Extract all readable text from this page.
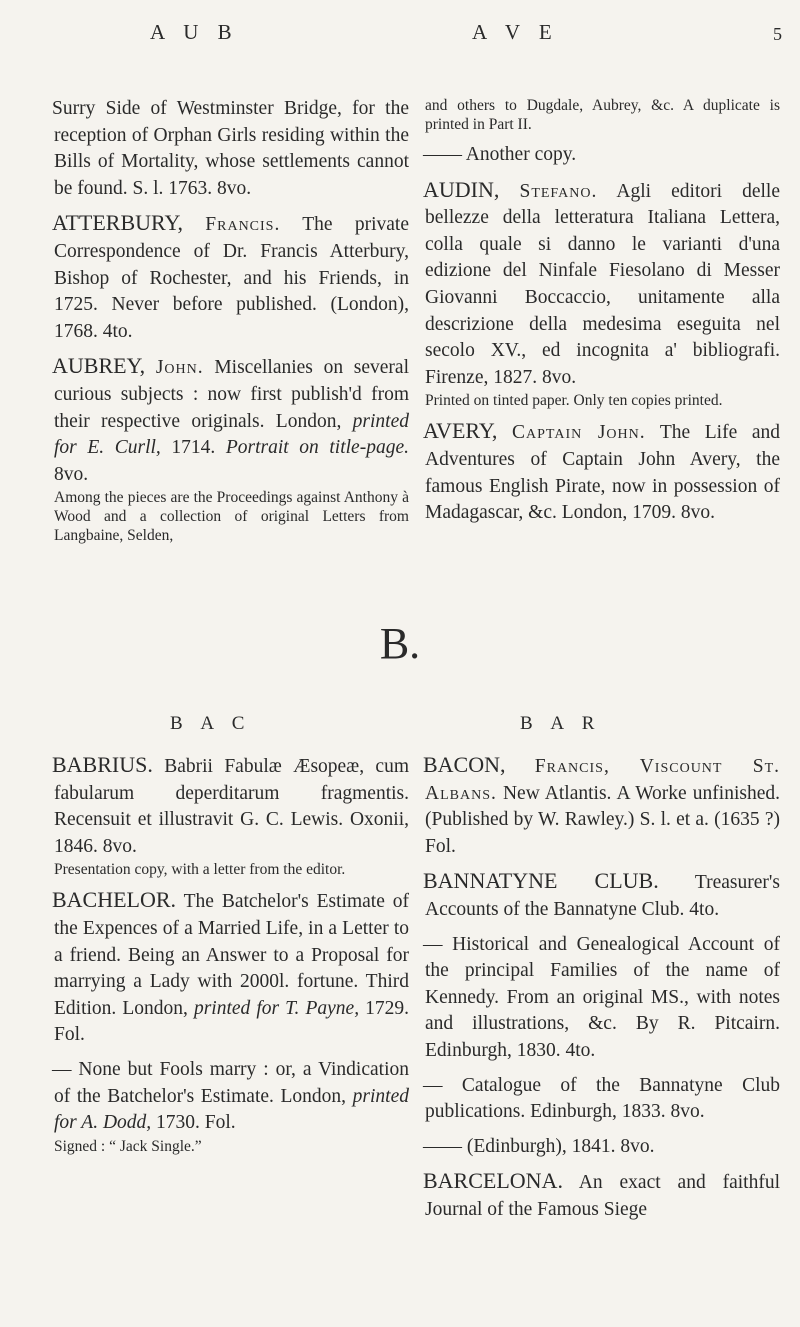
A U B	A V E	5

Surry Side of Westminster Bridge, for the reception of Orphan Girls residing within the Bills of Mortality, whose settlements cannot be found. S. l. 1763. 8vo.

ATTERBURY, Francis. The private Correspondence of Dr. Francis Atterbury, Bishop of Rochester, and his Friends, in 1725. Never before published. (London), 1768. 4to.

AUBREY, John. Miscellanies on several curious subjects : now first publish'd from their respective originals. London, printed for E. Curll, 1714. Portrait on title-page. 8vo.

Among the pieces are the Proceedings against Anthony à Wood and a collection of original Letters from Langbaine, Selden,

and others to Dugdale, Aubrey, &c. A duplicate is printed in Part II.

—— Another copy.

AUDIN, Stefano. Agli editori delle bellezze della letteratura Italiana Lettera, colla quale si danno le varianti d'una edizione del Ninfale Fiesolano di Messer Giovanni Boccaccio, unitamente alla descrizione della medesima eseguita nel secolo XV., ed incognita a' bibliografi. Firenze, 1827. 8vo.

Printed on tinted paper. Only ten copies printed.

AVERY, Captain John. The Life and Adventures of Captain John Avery, the famous English Pirate, now in possession of Madagascar, &c. London, 1709. 8vo.

B.
B A C	B A R

BABRIUS. Babrii Fabulæ Æsopeæ, cum fabularum deperditarum fragmentis. Recensuit et illustravit G. C. Lewis. Oxonii, 1846. 8vo.

Presentation copy, with a letter from the editor.

BACHELOR. The Batchelor's Estimate of the Expences of a Married Life, in a Letter to a friend. Being an Answer to a Proposal for marrying a Lady with 2000l. fortune. Third Edition. London, printed for T. Payne, 1729. Fol.

— None but Fools marry : or, a Vindication of the Batchelor's Estimate. London, printed for A. Dodd, 1730. Fol.

Signed : “ Jack Single.”

BACON, Francis, Viscount St. Albans. New Atlantis. A Worke unfinished. (Published by W. Rawley.) S. l. et a. (1635 ?) Fol.

BANNATYNE CLUB. Treasurer's Accounts of the Bannatyne Club. 4to.

— Historical and Genealogical Account of the principal Families of the name of Kennedy. From an original MS., with notes and illustrations, &c. By R. Pitcairn. Edinburgh, 1830. 4to.

— Catalogue of the Bannatyne Club publications. Edinburgh, 1833. 8vo.

—— (Edinburgh), 1841. 8vo.

BARCELONA. An exact and faithful Journal of the Famous Siege
